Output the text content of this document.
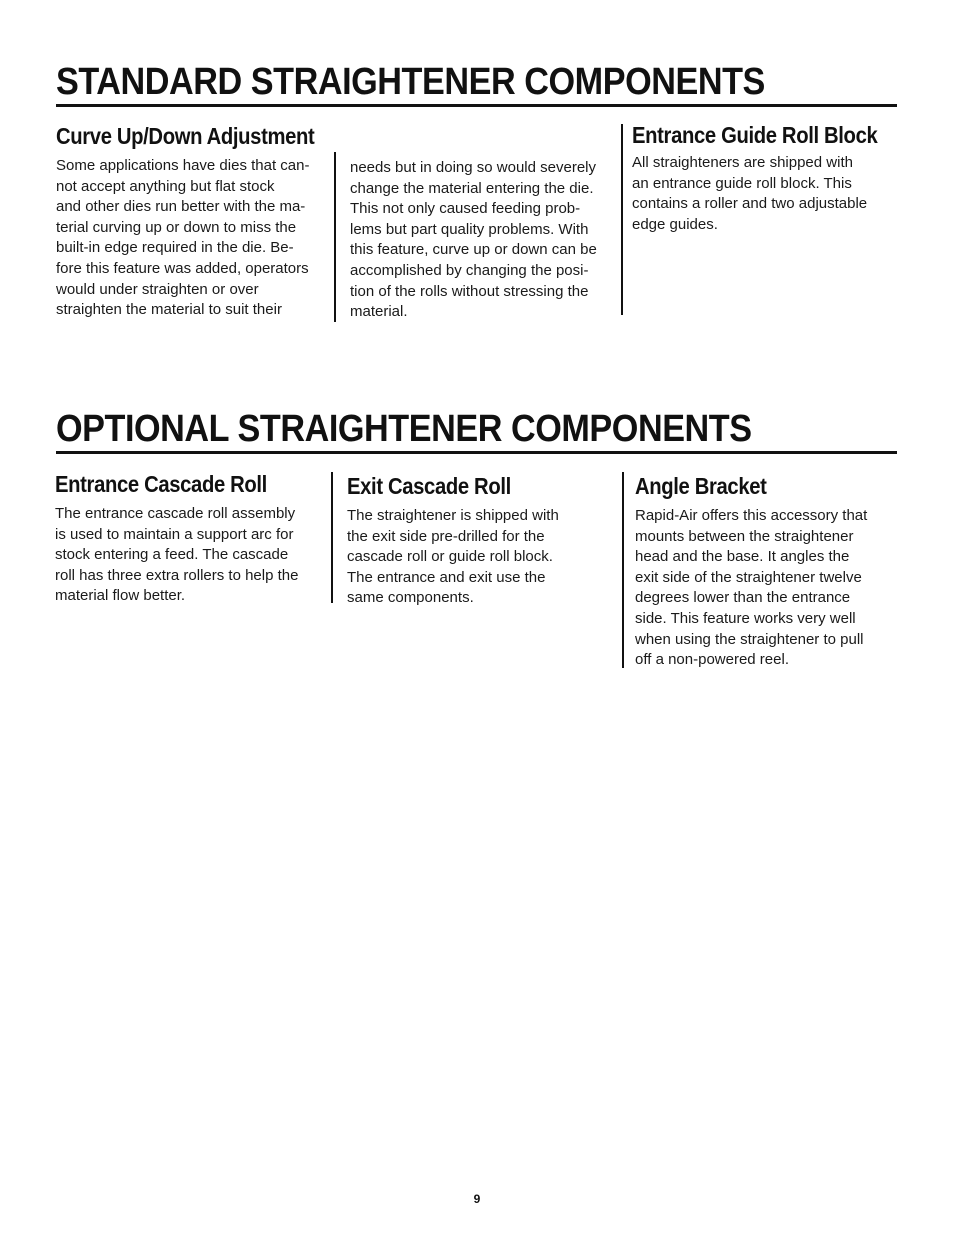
STANDARD STRAIGHTENER COMPONENTS
Curve Up/Down Adjustment

Some applications have dies that can-
not accept anything but flat stock
and other dies run better with the ma-
terial curving up or down to miss the
built-in edge required in the die. Be-
fore this feature was added, operators
would under straighten or over
straighten the material to suit their

needs but in doing so would severely
change the material entering the die.
This not only caused feeding prob-
lems but part quality problems. With
this feature, curve up or down can be
accomplished by changing the posi-
tion of the rolls without stressing the
material.

Entrance Guide Roll Block

All straighteners are shipped with
an entrance guide roll block. This
contains a roller and two adjustable
edge guides.

OPTIONAL STRAIGHTENER COMPONENTS
Entrance Cascade Roll

The entrance cascade roll assembly
is used to maintain a support arc for
stock entering a feed. The cascade
roll has three extra rollers to help the
material flow better.

Exit Cascade Roll

The straightener is shipped with
the exit side pre-drilled for the
cascade roll or guide roll block.
The entrance and exit use the
same components.

Angle Bracket

Rapid-Air offers this accessory that
mounts between the straightener
head and the base. It angles the
exit side of the straightener twelve
degrees lower than the entrance
side. This feature works very well
when using the straightener to pull
off a non-powered reel.

9
